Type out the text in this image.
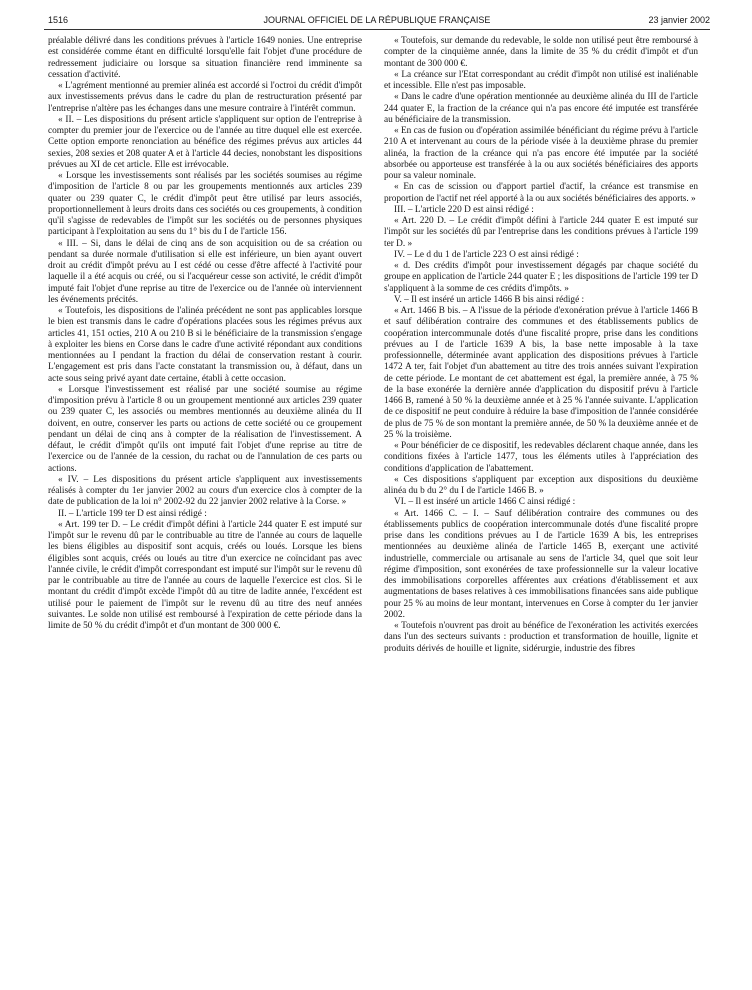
1516	JOURNAL OFFICIEL DE LA RÉPUBLIQUE FRANÇAISE	23 janvier 2002

préalable délivré dans les conditions prévues à l'article 1649 nonies. Une entreprise est considérée comme étant en difficulté lorsqu'elle fait l'objet d'une procédure de redressement judiciaire ou lorsque sa situation financière rend imminente sa cessation d'activité.

« L'agrément mentionné au premier alinéa est accordé si l'octroi du crédit d'impôt aux investissements prévus dans le cadre du plan de restructuration présenté par l'entreprise n'altère pas les échanges dans une mesure contraire à l'intérêt commun.

« II. – Les dispositions du présent article s'appliquent sur option de l'entreprise à compter du premier jour de l'exercice ou de l'année au titre duquel elle est exercée. Cette option emporte renonciation au bénéfice des régimes prévus aux articles 44 sexies, 208 sexies et 208 quater A et à l'article 44 decies, nonobstant les dispositions prévues au XI de cet article. Elle est irrévocable.

« Lorsque les investissements sont réalisés par les sociétés soumises au régime d'imposition de l'article 8 ou par les groupements mentionnés aux articles 239 quater ou 239 quater C, le crédit d'impôt peut être utilisé par leurs associés, proportionnellement à leurs droits dans ces sociétés ou ces groupements, à condition qu'il s'agisse de redevables de l'impôt sur les sociétés ou de personnes physiques participant à l'exploitation au sens du 1° bis du I de l'article 156.

« III. – Si, dans le délai de cinq ans de son acquisition ou de sa création ou pendant sa durée normale d'utilisation si elle est inférieure, un bien ayant ouvert droit au crédit d'impôt prévu au I est cédé ou cesse d'être affecté à l'activité pour laquelle il a été acquis ou créé, ou si l'acquéreur cesse son activité, le crédit d'impôt imputé fait l'objet d'une reprise au titre de l'exercice ou de l'année où interviennent les événements précités.

« Toutefois, les dispositions de l'alinéa précédent ne sont pas applicables lorsque le bien est transmis dans le cadre d'opérations placées sous les régimes prévus aux articles 41, 151 octies, 210 A ou 210 B si le bénéficiaire de la transmission s'engage à exploiter les biens en Corse dans le cadre d'une activité répondant aux conditions mentionnées au I pendant la fraction du délai de conservation restant à courir. L'engagement est pris dans l'acte constatant la transmission ou, à défaut, dans un acte sous seing privé ayant date certaine, établi à cette occasion.

« Lorsque l'investissement est réalisé par une société soumise au régime d'imposition prévu à l'article 8 ou un groupement mentionné aux articles 239 quater ou 239 quater C, les associés ou membres mentionnés au deuxième alinéa du II doivent, en outre, conserver les parts ou actions de cette société ou ce groupement pendant un délai de cinq ans à compter de la réalisation de l'investissement. A défaut, le crédit d'impôt qu'ils ont imputé fait l'objet d'une reprise au titre de l'exercice ou de l'année de la cession, du rachat ou de l'annulation de ces parts ou actions.

« IV. – Les dispositions du présent article s'appliquent aux investissements réalisés à compter du 1er janvier 2002 au cours d'un exercice clos à compter de la date de publication de la loi n° 2002-92 du 22 janvier 2002 relative à la Corse. »

II. – L'article 199 ter D est ainsi rédigé :

« Art. 199 ter D. – Le crédit d'impôt défini à l'article 244 quater E est imputé sur l'impôt sur le revenu dû par le contribuable au titre de l'année au cours de laquelle les biens éligibles au dispositif sont acquis, créés ou loués. Lorsque les biens éligibles sont acquis, créés ou loués au titre d'un exercice ne coïncidant pas avec l'année civile, le crédit d'impôt correspondant est imputé sur l'impôt sur le revenu dû par le contribuable au titre de l'année au cours de laquelle l'exercice est clos. Si le montant du crédit d'impôt excède l'impôt dû au titre de ladite année, l'excédent est utilisé pour le paiement de l'impôt sur le revenu dû au titre des neuf années suivantes. Le solde non utilisé est remboursé à l'expiration de cette période dans la limite de 50 % du crédit d'impôt et d'un montant de 300 000 €.

« Toutefois, sur demande du redevable, le solde non utilisé peut être remboursé à compter de la cinquième année, dans la limite de 35 % du crédit d'impôt et d'un montant de 300 000 €.

« La créance sur l'Etat correspondant au crédit d'impôt non utilisé est inaliénable et incessible. Elle n'est pas imposable.

« Dans le cadre d'une opération mentionnée au deuxième alinéa du III de l'article 244 quater E, la fraction de la créance qui n'a pas encore été imputée est transférée au bénéficiaire de la transmission.

« En cas de fusion ou d'opération assimilée bénéficiant du régime prévu à l'article 210 A et intervenant au cours de la période visée à la deuxième phrase du premier alinéa, la fraction de la créance qui n'a pas encore été imputée par la société absorbée ou apporteuse est transférée à la ou aux sociétés bénéficiaires des apports pour sa valeur nominale.

« En cas de scission ou d'apport partiel d'actif, la créance est transmise en proportion de l'actif net réel apporté à la ou aux sociétés bénéficiaires des apports. »

III. – L'article 220 D est ainsi rédigé :

« Art. 220 D. – Le crédit d'impôt défini à l'article 244 quater E est imputé sur l'impôt sur les sociétés dû par l'entreprise dans les conditions prévues à l'article 199 ter D. »

IV. – Le d du 1 de l'article 223 O est ainsi rédigé :

« d. Des crédits d'impôt pour investissement dégagés par chaque société du groupe en application de l'article 244 quater E ; les dispositions de l'article 199 ter D s'appliquent à la somme de ces crédits d'impôts. »

V. – Il est inséré un article 1466 B bis ainsi rédigé :

« Art. 1466 B bis. – A l'issue de la période d'exonération prévue à l'article 1466 B et sauf délibération contraire des communes et des établissements publics de coopération intercommunale dotés d'une fiscalité propre, prise dans les conditions prévues au I de l'article 1639 A bis, la base nette imposable à la taxe professionnelle, déterminée avant application des dispositions prévues à l'article 1472 A ter, fait l'objet d'un abattement au titre des trois années suivant l'expiration de cette période. Le montant de cet abattement est égal, la première année, à 75 % de la base exonérée la dernière année d'application du dispositif prévu à l'article 1466 B, ramené à 50 % la deuxième année et à 25 % l'année suivante. L'application de ce dispositif ne peut conduire à réduire la base d'imposition de l'année considérée de plus de 75 % de son montant la première année, de 50 % la deuxième année et de 25 % la troisième.

« Pour bénéficier de ce dispositif, les redevables déclarent chaque année, dans les conditions fixées à l'article 1477, tous les éléments utiles à l'appréciation des conditions d'application de l'abattement.

« Ces dispositions s'appliquent par exception aux dispositions du deuxième alinéa du b du 2° du I de l'article 1466 B. »

VI. – Il est inséré un article 1466 C ainsi rédigé :

« Art. 1466 C. – I. – Sauf délibération contraire des communes ou des établissements publics de coopération intercommunale dotés d'une fiscalité propre prise dans les conditions prévues au I de l'article 1639 A bis, les entreprises mentionnées au deuxième alinéa de l'article 1465 B, exerçant une activité industrielle, commerciale ou artisanale au sens de l'article 34, quel que soit leur régime d'imposition, sont exonérées de taxe professionnelle sur la valeur locative des immobilisations corporelles afférentes aux créations d'établissement et aux augmentations de bases relatives à ces immobilisations financées sans aide publique pour 25 % au moins de leur montant, intervenues en Corse à compter du 1er janvier 2002.

« Toutefois n'ouvrent pas droit au bénéfice de l'exonération les activités exercées dans l'un des secteurs suivants : production et transformation de houille, lignite et produits dérivés de houille et lignite, sidérurgie, industrie des fibres
